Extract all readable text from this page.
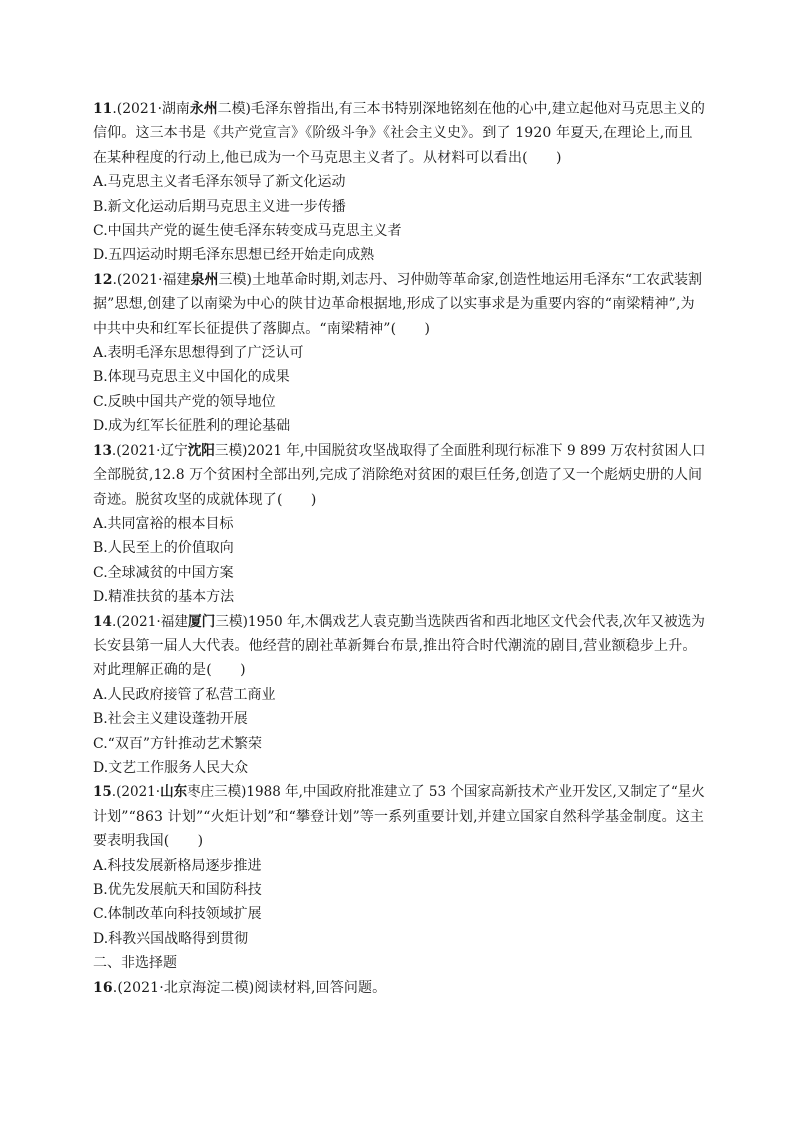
11.(2021·湖南永州二模)毛泽东曾指出,有三本书特别深地铭刻在他的心中,建立起他对马克思主义的
信仰。这三本书是《共产党宣言》《阶级斗争》《社会主义史》。到了 1920 年夏天,在理论上,而且
在某种程度的行动上,他已成为一个马克思主义者了。从材料可以看出(　　)
A.马克思主义者毛泽东领导了新文化运动
B.新文化运动后期马克思主义进一步传播
C.中国共产党的诞生使毛泽东转变成马克思主义者
D.五四运动时期毛泽东思想已经开始走向成熟
12.(2021·福建泉州三模)土地革命时期,刘志丹、习仲勋等革命家,创造性地运用毛泽东“工农武装割
据”思想,创建了以南梁为中心的陕甘边革命根据地,形成了以实事求是为重要内容的“南梁精神”,为
中共中央和红军长征提供了落脚点。“南梁精神”(　　)
A.表明毛泽东思想得到了广泛认可
B.体现马克思主义中国化的成果
C.反映中国共产党的领导地位
D.成为红军长征胜利的理论基础
13.(2021·辽宁沈阳三模)2021 年,中国脱贫攻坚战取得了全面胜利现行标准下 9 899 万农村贫困人口
全部脱贫,12.8 万个贫困村全部出列,完成了消除绝对贫困的艰巨任务,创造了又一个彪炳史册的人间
奇迹。脱贫攻坚的成就体现了(　　)
A.共同富裕的根本目标
B.人民至上的价值取向
C.全球减贫的中国方案
D.精准扶贫的基本方法
14.(2021·福建厦门三模)1950 年,木偶戏艺人袁克勤当选陕西省和西北地区文代会代表,次年又被选为
长安县第一届人大代表。他经营的剧社革新舞台布景,推出符合时代潮流的剧目,营业额稳步上升。
对此理解正确的是(　　)
A.人民政府接管了私营工商业
B.社会主义建设蓬勃开展
C.“双百”方针推动艺术繁荣
D.文艺工作服务人民大众
15.(2021·山东枣庄三模)1988 年,中国政府批准建立了 53 个国家高新技术产业开发区,又制定了“星火
计划”“863 计划”“火炬计划”和“攀登计划”等一系列重要计划,并建立国家自然科学基金制度。这主
要表明我国(　　)
A.科技发展新格局逐步推进
B.优先发展航天和国防科技
C.体制改革向科技领域扩展
D.科教兴国战略得到贯彻
二、非选择题
16.(2021·北京海淀二模)阅读材料,回答问题。
